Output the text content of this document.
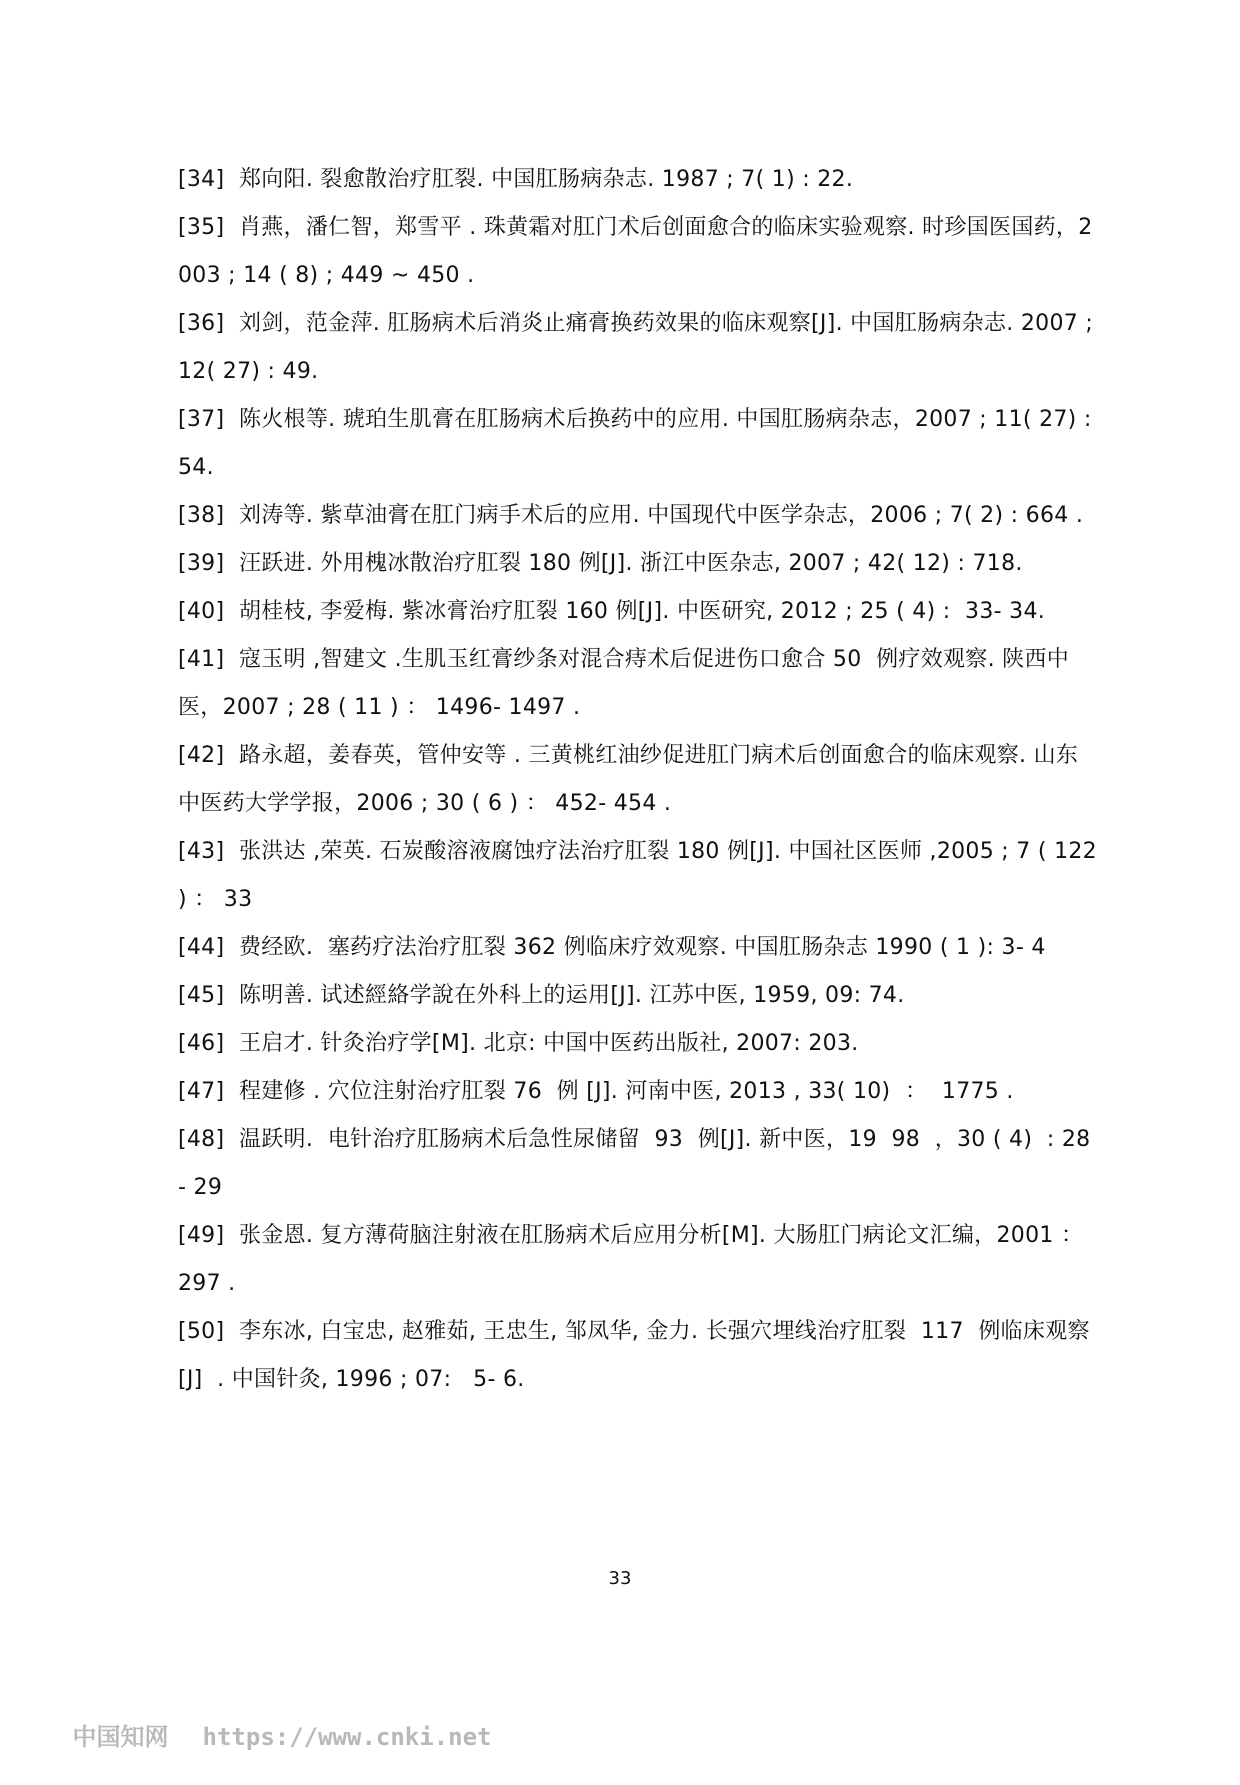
[34]  郑向阳. 裂愈散治疗肛裂. 中国肛肠病杂志. 1987 ; 7( 1) : 22.
[35]  肖燕，潘仁智，郑雪平 . 珠黄霜对肛门术后创面愈合的临床实验观察. 时珍国医国药，2003 ; 14 ( 8) ; 449 ~ 450 .
[36]  刘剑，范金萍. 肛肠病术后消炎止痛膏换药效果的临床观察[J]. 中国肛肠病杂志. 2007 ; 12( 27) : 49.
[37]  陈火根等. 琥珀生肌膏在肛肠病术后换药中的应用. 中国肛肠病杂志，2007 ; 11( 27) : 54.
[38]  刘涛等. 紫草油膏在肛门病手术后的应用. 中国现代中医学杂志，2006 ; 7( 2) : 664 .
[39]  汪跃进. 外用槐冰散治疗肛裂 180 例[J]. 浙江中医杂志, 2007 ; 42( 12) : 718.
[40]  胡桂枝, 李爱梅. 紫冰膏治疗肛裂 160 例[J]. 中医研究, 2012 ; 25 ( 4) :  33- 34.
[41]  寇玉明 ,智建文 .生肌玉红膏纱条对混合痔术后促进伤口愈合 50  例疗效观察. 陕西中医，2007 ; 28 ( 11 ) ： 1496- 1497 .
[42]  路永超，姜春英，管仲安等 . 三黄桃红油纱促进肛门病术后创面愈合的临床观察. 山东中医药大学学报，2006 ; 30 ( 6 ) ： 452- 454 .
[43]  张洪达 ,荣英. 石炭酸溶液腐蚀疗法治疗肛裂 180 例[J]. 中国社区医师 ,2005 ; 7 ( 122 ) ： 33
[44]  费经欧.  塞药疗法治疗肛裂 362 例临床疗效观察. 中国肛肠杂志 1990 ( 1 ): 3- 4
[45]  陈明善. 试述經絡学說在外科上的运用[J]. 江苏中医, 1959, 09: 74.
[46]  王启才. 针灸治疗学[M]. 北京: 中国中医药出版社, 2007: 203.
[47]  程建修 . 穴位注射治疗肛裂 76  例 [J]. 河南中医, 2013 , 33( 10)  ：  1775 .
[48]  温跃明.  电针治疗肛肠病术后急性尿储留  93  例[J]. 新中医，19  98  ，30 ( 4)  : 28- 29
[49]  张金恩. 复方薄荷脑注射液在肛肠病术后应用分析[M]. 大肠肛门病论文汇编，2001 ：  297 .
[50]  李东冰, 白宝忠, 赵雅茹, 王忠生, 邹凤华, 金力. 长强穴埋线治疗肛裂  117  例临床观察[J]  . 中国针灸, 1996 ; 07:   5- 6.
33

中国知网 https://www.cnki.net
